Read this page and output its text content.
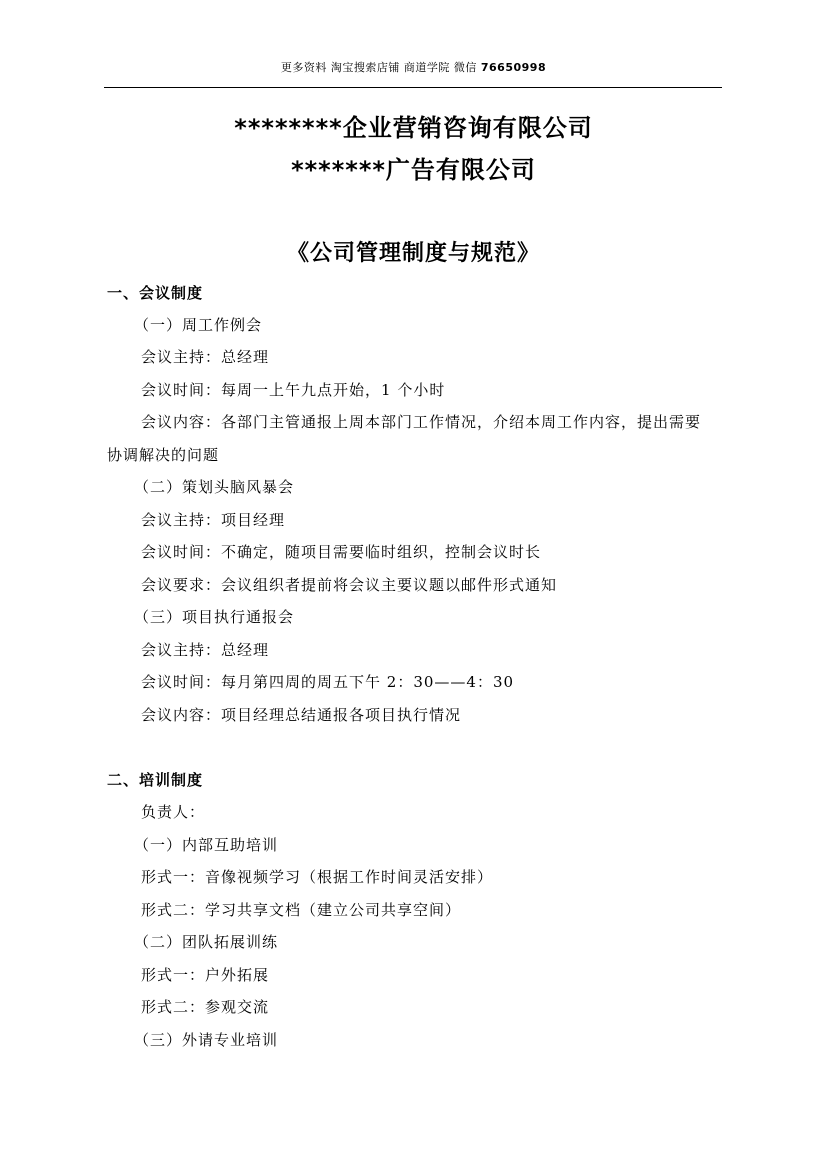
更多资料 淘宝搜索店铺 商道学院 微信 76650998
********企业营销咨询有限公司
*******广告有限公司
《公司管理制度与规范》
一、会议制度
（一）周工作例会
会议主持：总经理
会议时间：每周一上午九点开始，1 个小时
会议内容：各部门主管通报上周本部门工作情况，介绍本周工作内容，提出需要
协调解决的问题
（二）策划头脑风暴会
会议主持：项目经理
会议时间：不确定，随项目需要临时组织，控制会议时长
会议要求：会议组织者提前将会议主要议题以邮件形式通知
（三）项目执行通报会
会议主持：总经理
会议时间：每月第四周的周五下午 2：30——4：30
会议内容：项目经理总结通报各项目执行情况
二、培训制度
负责人：
（一）内部互助培训
形式一：音像视频学习（根据工作时间灵活安排）
形式二：学习共享文档（建立公司共享空间）
（二）团队拓展训练
形式一：户外拓展
形式二：参观交流
（三）外请专业培训
